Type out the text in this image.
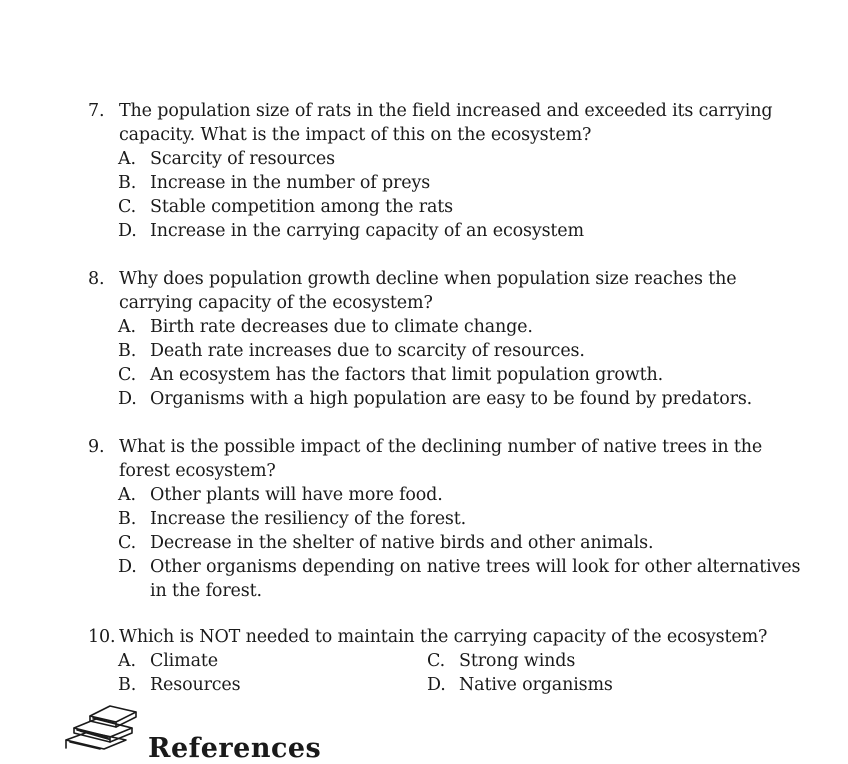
7. The population size of rats in the field increased and exceeded its carrying
capacity. What is the impact of this on the ecosystem?
A. Scarcity of resources
B. Increase in the number of preys
C. Stable competition among the rats
D. Increase in the carrying capacity of an ecosystem
8. Why does population growth decline when population size reaches the
carrying capacity of the ecosystem?
A. Birth rate decreases due to climate change.
B. Death rate increases due to scarcity of resources.
C. An ecosystem has the factors that limit population growth.
D. Organisms with a high population are easy to be found by predators.
9. What is the possible impact of the declining number of native trees in the
forest ecosystem?
A. Other plants will have more food.
B. Increase the resiliency of the forest.
C. Decrease in the shelter of native birds and other animals.
D. Other organisms depending on native trees will look for other alternatives
in the forest.
10. Which is NOT needed to maintain the carrying capacity of the ecosystem?
A. Climate	C. Strong winds
B. Resources	D. Native organisms
References
